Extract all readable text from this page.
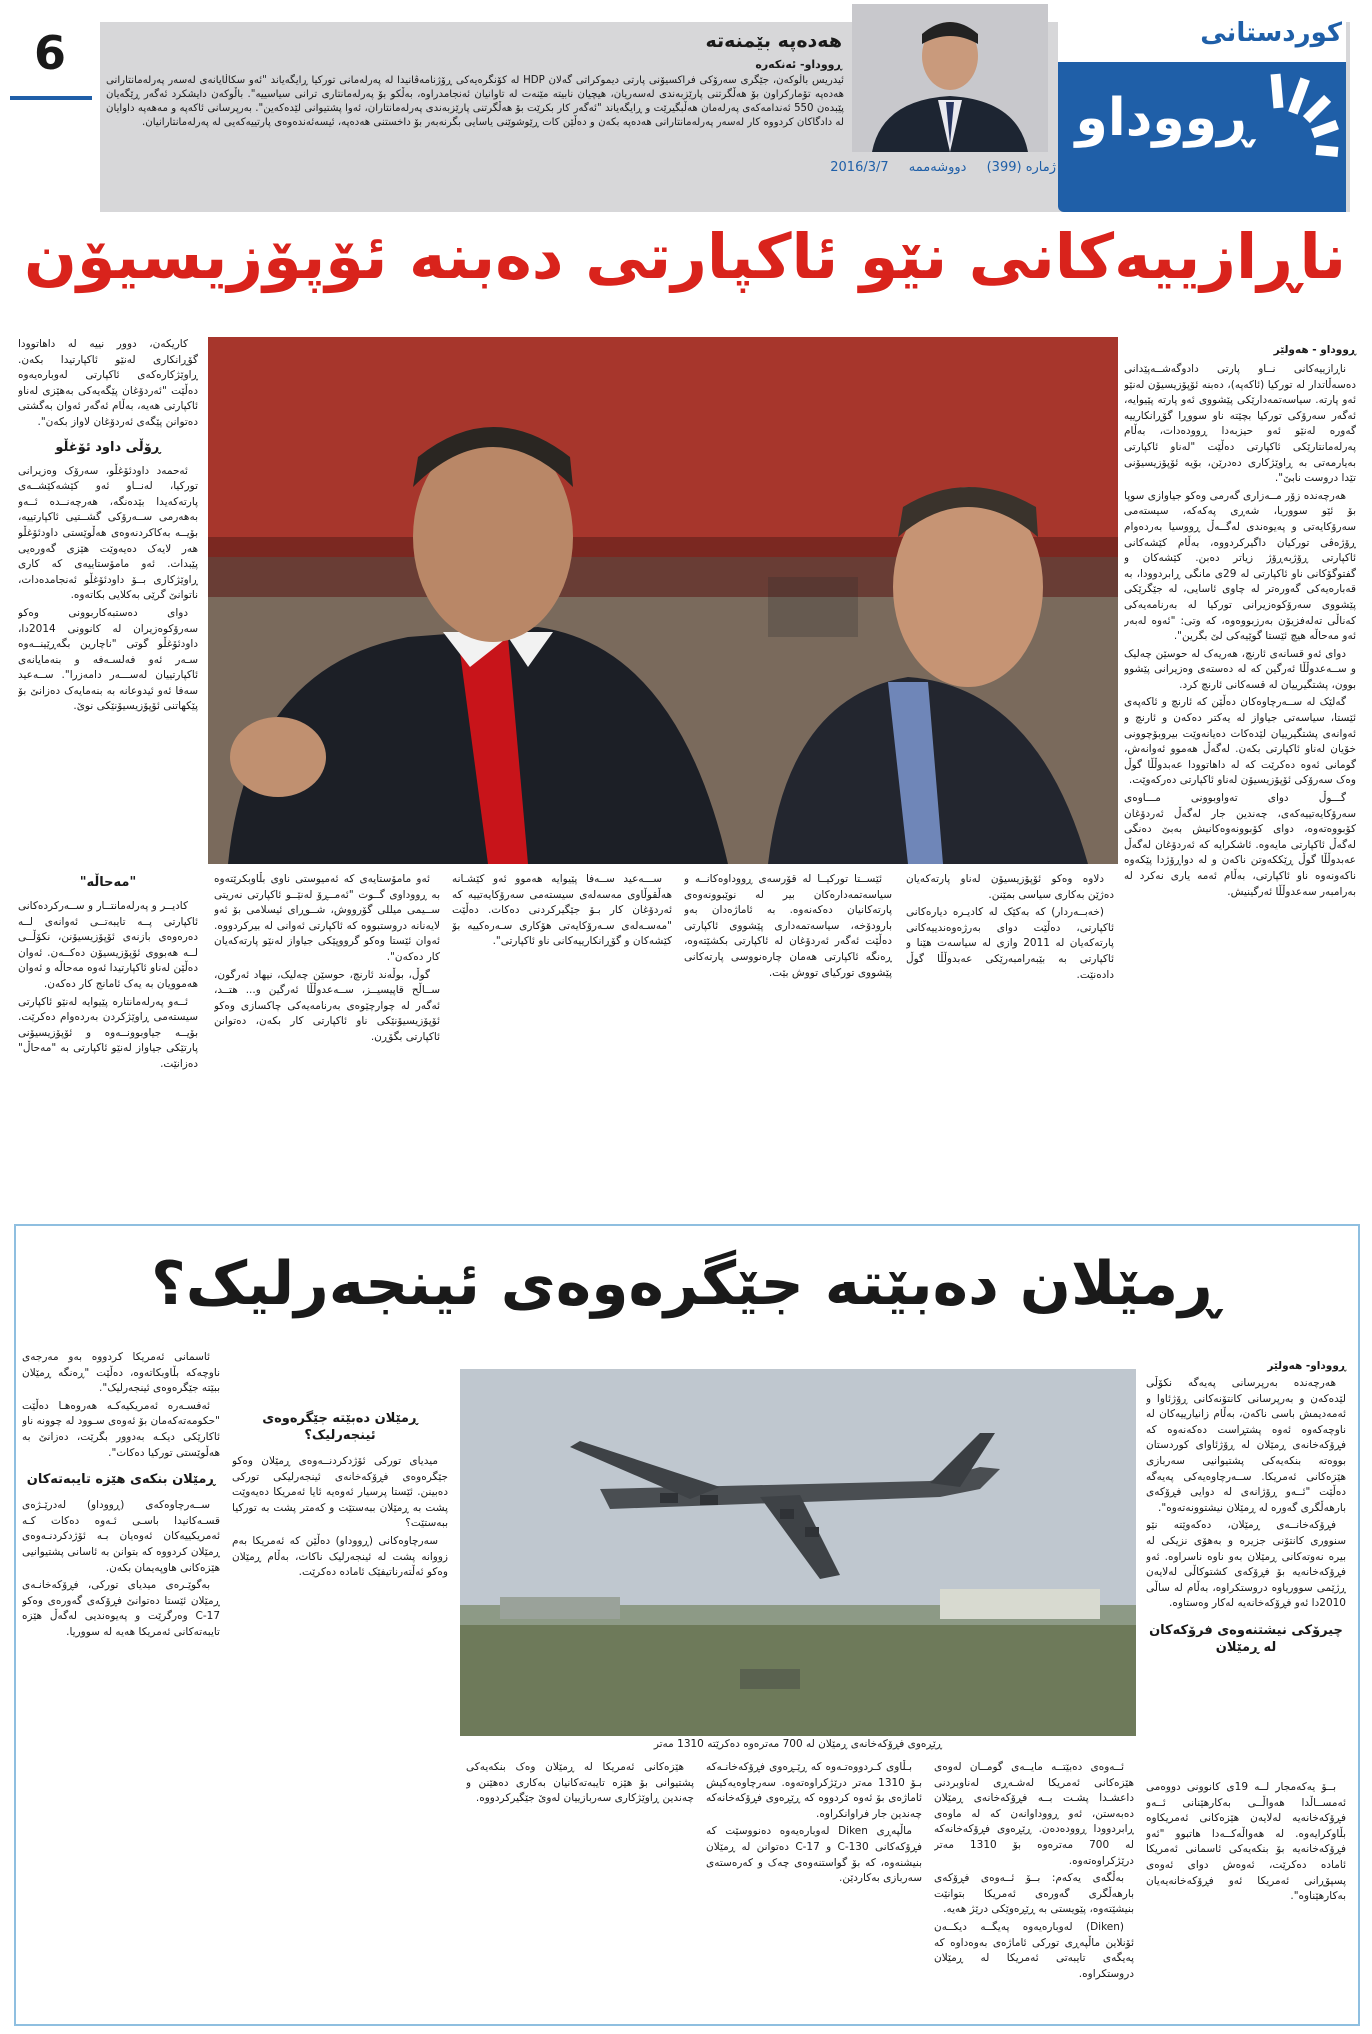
6	کوردستانی
ڕووداو
ژمارە (399) دووشەممە 2016/3/7
هەدەپە بێمنەتە
ڕووداو- ئەنکەرە
ئیدریس باڵوکەن، جێگری سەرۆکی فراکسیۆنی پارتی دیموکراتی گەلان HDP لە کۆنگرەیەکی ڕۆژنامەڤانیدا لە پەرلەمانی تورکیا ڕایگەیاند "ئەو سکاڵایانەی لەسەر پەرلەمانتارانی هەدەپە تۆمارکراون بۆ هەڵگرتنی پارێزبەندی لەسەریان، هیچیان نابیتە مێنەت لە تاوانیان ئەنجامدراوە، بەڵکو بۆ پەرلەمانتاری ترانی سیاسییە". باڵوکەن دایشکرد ئەگەر ڕێگەیان پێبدەن 550 ئەندامەکەی پەرلەمان هەڵبگیرێت و ڕایگەیاند "ئەگەر کار بکرێت بۆ هەڵگرتنی پارێزبەندی پەرلەمانتاران، ئەوا پشتیوانی لێدەکەین". بەرپرسانی ئاکەپە و مەهەپە داوایان لە دادگاکان کردووە کار لەسەر پەرلەمانتارانی هەدەپە بکەن و دەڵێن کات ڕێوشوێنی یاسایی بگرنەبەر بۆ داخستنی هەدەپە، ئیسەئەندەوەی پارتییەکەیی لە پەرلەمانتارانیان.
ناڕازییەکانی نێو ئاکپارتی دەبنە ئۆپۆزیسیۆن
ڕووداو - هەولێر

ناڕازییەکانی نــاو پارتی دادوگەشــەپێدانی دەسەڵاتدار لە تورکیا (ئاکەپە)، دەبنە ئۆپۆزیسیۆن لەنێو ئەو پارتە. سیاسەتمەدارێکی پێشووی ئەو پارتە پێیوایە، ئەگەر سەرۆکی تورکیا بچێتە ناو سووڕا گۆڕانکارییە گەورە لەنێو ئەو حیزبەدا ڕوودەدات، بەڵام پەرلەمانتارێکی ئاکپارتی دەڵێت "لەناو ئاکپارتی بەیارمەتی بە ڕاوێژکاری دەدرێن، بۆیە ئۆپۆزیسیۆنی تێدا دروست نابێ".

هەرچەندە زۆر مــەزاری گەرمی وەکو جیاوازی سوپا بۆ ئێو سووریا، شەڕی پەکەکە، سیستەمی سەرۆکایەتی و پەیوەندی لەگــەڵ ڕووسیا بەردەوام ڕۆژەڤی تورکیان داگیرکردووە، بەڵام کێشەکانی ئاکپارتی ڕۆژبەڕۆژ زیاتر دەبن. کێشەکان و گفتوگۆکانی ناو ئاکپارتی لە 29ی مانگی ڕابردوودا، بە قەبارەیەکی گەورەتر لە چاوی ئاسایی، لە جێگرێکی پێشووی سەرۆکوەزیرانی تورکیا لە بەرنامەیەکی کەناڵی تەلەفزیۆن بەرزبووەوە، کە وتی: "ئەوە لەبەر ئەو مەحاڵە هیچ ئێستا گوێیەکی لێ بگرین".

دوای ئەو قسانەی ئارنچ، هەریەک لە حوسێن چەلیک و ســەعدوڵڵا ئەرگین کە لە دەستەی وەزیرانی پێشوو بوون، پشتگیرییان لە قسەکانی ئارنچ کرد.

گەلێک لە ســەرچاوەکان دەڵێن کە ئارنچ و ئاکەپەی ئێستا، سیاسەتی جیاواز لە یەکتر دەکەن و ئارنچ و ئەوانەی پشتگیرییان لێدەکات دەیانەوێت بیروبۆچوونی خۆیان لەناو ئاکپارتی بکەن. لەگەڵ هەموو ئەوانەش، گومانی ئەوە دەکرێت کە لە داهاتوودا عەبدوڵڵا گوڵ وەک سەرۆکی ئۆپۆزیسیۆن لەناو ئاکپارتی دەرکەوێت.

گـــوڵ دوای تەواوبوونی مـــاوەی سەرۆکایەتییەکەی، چەندین جار لەگەڵ ئەردۆغان کۆبووەتەوە، دوای کۆبوونەوەکانیش بەبێ دەنگی لەگەڵ ئاکپارتی مایەوە. ئاشکرایە کە ئەردۆغان لەگەڵ عەبدوڵڵا گوڵ ڕێککەوتن ناکەن و لە دواڕۆژدا پێکەوە ناکەونەوە ناو ئاکپارتی، بەڵام ئەمە یاری نەکرد لە بەرامبەر سەعدوڵڵا ئەرگینیش.

کاریکەن، دوور نییە لە داهاتوودا گۆڕانکاری لەنێو ئاکپارتیدا بکەن. ڕاوێژکارەکەی ئاکپارتی لەوبارەیەوە دەڵێت "ئەردۆغان پێگەیەکی بەهێزی لەناو ئاکپارتی هەیە، بەڵام ئەگەر ئەوان بەگشتی دەتوانن پێگەی ئەردۆغان لاواز بکەن".

ڕۆڵی داود ئۆغڵو

ئەحمەد داودئۆغڵو، سەرۆک وەزیرانی تورکیا، لەنــاو ئەو کێشەکێشــەی پارتەکەیدا بێدەنگە، هەرچەنــدە ئــەو بەهەرمی ســەرۆکی گشــتیی ئاکپارتییە، بۆیــە بەکاکردنەوەی هەڵوێستی داودئۆغڵو هەر لایەک دەیەوێت هێزی گەورەیی پێبدات. ئەو مامۆستاییەی کە کاری ڕاوێژکاری بــۆ داودئۆغڵو ئەنجامدەدات، ناتوانێ گرێی بەکلایی بکاتەوە.

دوای دەستبەکاربوونی وەکو سەرۆکوەزیران لە کانوونی 2014دا، داودئۆغڵو گوتی "ناچارین بگەڕێینــەوە سـەر ئەو فەلسـەفە و بنەمایانەی ئاکپارتییان لەســـەر دامەزرا". ســەعید سەفا ئەو ئیدوعانە بە بنەمایەک دەزانێ بۆ پێکهاتنی ئۆپۆزیسیۆنێکی نوێ.

"مەحاڵە"

کادیــر و پەرلەمانتــار و ســەرکردەکانی ئاکپارتی پــە تایبەتــی ئەوانەی لــە دەرەوەی بازنەی ئۆپۆزیسیۆنن، نکۆڵــی لــە هەبووی ئۆپۆزیسیۆن دەکــەن. ئەوان دەڵێن لەناو ئاکپارتیدا ئەوە مەحاڵە و ئەوان هەموویان بە یەک ئامانج کار دەکەن.

ئــەو پەرلەمانتارە پێیوایە لەنێو ئاکپارتی سیستەمی ڕاوێژکردن بەردەوام دەکرێت. بۆیــە جیاوبوونــەوە و ئۆپۆزیسیۆنی پارتێکی جیاواز لەنێو ئاکپارتی بە "مەحاڵ" دەزانێت.

دلاوە وەکو ئۆپۆزیسیۆن لەناو پارتەکەیان دەژێن بەکاری سیاسی بمێنن.

(خەبــەردار) کە بەکێک لە کادیـرە دیارەکانی ئاکپارتی، دەڵێت دوای بەرژەوەندییەکانی پارتەکەیان لە 2011 وازی لە سیاسەت هێنا و ئاکپارتی بە بێبەرامبەرێکی عەبدوڵڵا گوڵ دادەنێت.

ئێســتا تورکیــا لە قۆرسەی ڕووداوەکانــە و سیاسەتمەدارەکان بیر لە نوێبوونەوەی پارتەکانیان دەکەنەوە. بە ئاماژەدان بەو بارودۆخە، سیاسەتمەداری پێشووی ئاکپارتی دەڵێت ئەگەر ئەردۆغان لە ئاکپارتی بکشێتەوە، ڕەنگە ئاکپارتی هەمان چارەنووسی پارتەکانی پێشووی تورکیای تووش بێت.

ســـەعید ســەفا پێیوایە هەموو ئەو کێشـانە هەڵقوڵاوی مەسەلەی سیستەمی سەرۆکایەتییە کە ئەردۆغان کار بـۆ جێگیرکردنی دەکات. دەڵێت "مەسـەلەی سـەرۆکایەتی هۆکاری سـەرەکییە بۆ کێشەکان و گۆڕانکارییەکانی ناو ئاکپارتی".

ئەو مامۆستایەی کە ئەمیوستی ناوی بڵاوبکرێتەوە بە ڕووداوی گــوت "ئەمــڕۆ لەنێــو ئاکپارتی نەریتی ســیمی میللی گۆرووش، شــوڕای ئیسلامی بۆ ئەو لایەنانە دروستبووە کە ئاکپارتی ئەوانی لە بیرکردووە. ئەوان ئێستا وەکو گرووپێکی جیاواز لەنێو پارتەکەیان کار دەکەن".

گوڵ، بوڵەند ئارنچ، حوسێن چەلیک، نیهاد ئەرگون، ســاڵح قاپیسیــز، ســەعدوڵڵا ئەرگین و... هتــد، ئەگەر لە چوارچێوەی بەرنامەیەکی چاکسازی وەکو ئۆپۆزیسیۆنێکی ناو ئاکپارتی کار بکەن، دەتوانن ئاکپارتی بگۆڕن.

ڕمێلان دەبێتە جێگرەوەی ئینجەرلیک؟
ڕێڕەوی فڕۆکەخانەی ڕمێلان لە 700 مەترەوە دەکرێتە 1310 مەتر
ڕووداو- هەولێر

هەرچەندە بەرپرسانی پەیەگە نکۆڵی لێدەکەن و بەرپرسانی کانتۆنەکانی ڕۆژئاوا و ئەمەدیمش باسی ناکەن، بەڵام زانیارییەکان لە ناوچەکەوە ئەوە پشتڕاست دەکەنەوە کە فڕۆکەخانەی ڕمێلان لە ڕۆژئاوای کوردستان بووەتە بنکەیەکی پشتیوانیی سەربازی هێزەکانی ئەمریکا. ســەرچاوەیەکی پەیەگە دەڵێت "ئــەو ڕۆژانەی لە دوایی فڕۆکەی بارهەڵگری گەورە لە ڕمێلان نیشتوونەتەوە".

فڕۆکەخانــەی ڕمێلان، دەکەوێتە نێو سنووری کانتۆنی جزیرە و بەهۆی نزیکی لە بیرە نەوتەکانی ڕمێلان بەو ناوە ناسراوە. ئەو فڕۆکەخانەیە بۆ فڕۆکەی کشتوکاڵی لەلایەن ڕژێمی سووریاوە دروستکراوە، بەڵام لە ساڵی 2010دا ئەو فڕۆکەخانەیە لەکار وەستاوە.

چیرۆکی نیشتنەوەی فرۆکەکان لە ڕمێلان

بــۆ یەکەمجار لــە 19ی کانوونی دووەمی ئەمســاڵدا هەواڵــی بەکارهێنانی ئــەو فڕۆکەخانەیە لەلایەن هێزەکانی ئەمریکاوە بڵاوکرایەوە. لە هەواڵەکــەدا هاتبوو "ئەو فڕۆکەخانەیە بۆ بنکەیەکی ئاسمانی ئەمریکا ئامادە دەکرێت، ئەوەش دوای ئەوەی پسپۆڕانی ئەمریکا ئەو فڕۆکەخانەیەیان بەکارهێناوە".

ئــەوەی دەبێتــە مایــەی گومــان لەوەی هێزەکانی ئەمریکا لەشـەڕی لەناوبردنی داعشـدا پشـت بــە فڕۆکەخانەی ڕمێلان دەبەستن، ئەو ڕووداوانەن کە لە ماوەی ڕابردوودا ڕوودەدەن. ڕێڕەوی فڕۆکەخانەکە لە 700 مەترەوە بۆ 1310 مەتر درێژکراوەتەوە.

بەڵگەی یەکەم: بــۆ ئــەوەی فڕۆکەی بارهەڵگری گەورەی ئەمریکا بتوانێت بنیشێتەوە، پێویستی بە ڕێڕەوێکی درێژ هەیە.

(Diken) لەوبارەیەوە پەیگــە دیکــەن ئۆنلاین ماڵپەڕی تورکی ئاماژەی بەوەداوە کە پەیگەی تایبەتی ئەمریکا لە ڕمێلان دروستکراوە.

بـڵاوی کـردووەتـەوە کە ڕێـڕەوی فڕۆکەخانـەکە بـۆ 1310 مەتر درێژکراوەتەوە. سەرچاوەیەکیش ئاماژەی بۆ ئەوە کردووە کە ڕێڕەوی فڕۆکەخانەکە چەندین جار فراوانکراوە.

ماڵپەڕی Diken لەوبارەیەوە دەنووسێت کە فڕۆکەکانی C-130 و C-17 دەتوانن لە ڕمێلان بنیشنەوە، کە بۆ گواستنەوەی چەک و کەرەستەی سەربازی بەکاردێن.

هێزەکانی ئەمریکا لە ڕمێلان وەک بنکەیەکی پشتیوانی بۆ هێزە تایبەتەکانیان بەکاری دەهێنن و چەندین ڕاوێژکاری سەربازییان لەوێ جێگیرکردووە.

ڕمێلان دەبێتە جێگرەوەی ئینجەرلیک؟

میدیای تورکی ئۆژدکردنــەوەی ڕمێلان وەکو جێگرەوەی فڕۆکەخانەی ئینجەرلیکی تورکی دەبینن. ئێستا پرسیار ئەوەیە ئایا ئەمریکا دەیەوێت پشت بە ڕمێلان ببەستێت و کەمتر پشت بە تورکیا ببەستێت؟

سەرچاوەکانی (ڕووداو) دەڵێن کە ئەمریکا بەم زووانە پشت لە ئینجەرلیک ناکات، بەڵام ڕمێلان وەکو ئەڵتەرناتیفێک ئامادە دەکرێت.

ئاسمانی ئەمریکا کردووە بەو مەرجەی ناوچەکە بڵاوبکاتەوە، دەڵێت "ڕەنگە ڕمێلان ببێتە جێگرەوەی ئینجەرلیک".

ئەفسـەرە ئەمریکیەکـە هەروەهـا دەڵێت "حکومەتەکەمان بۆ ئەوەی سـوود لە چوونە ناو ئاکارێکی دیکـە بەدوور بگرێت، دەزانێ بە هەڵوێستی تورکیا دەکات".

ڕمێلان بنکەی هێزە تایبەتەکان

ســەرچاوەکەی (ڕووداو) لەدرێـژەی قسـەکانیدا باسـی ئـەوە دەکات کـە ئەمریکییەکان ئەوەیان بـە ئۆژدکردنـەوەی ڕمێلان کردووە کە بتوانن بە ئاسانی پشتیوانیی هێزەکانی هاوپەیمان بکەن.

بەگوێـرەی میدیای تورکی، فڕۆکەخانـەی ڕمێلان ئێستا دەتوانێ فڕۆکەی گەورەی وەکو C-17 وەرگرێت و پەیوەندیی لەگەڵ هێزە تایبەتەکانی ئەمریکا هەیە لە سووریا.
